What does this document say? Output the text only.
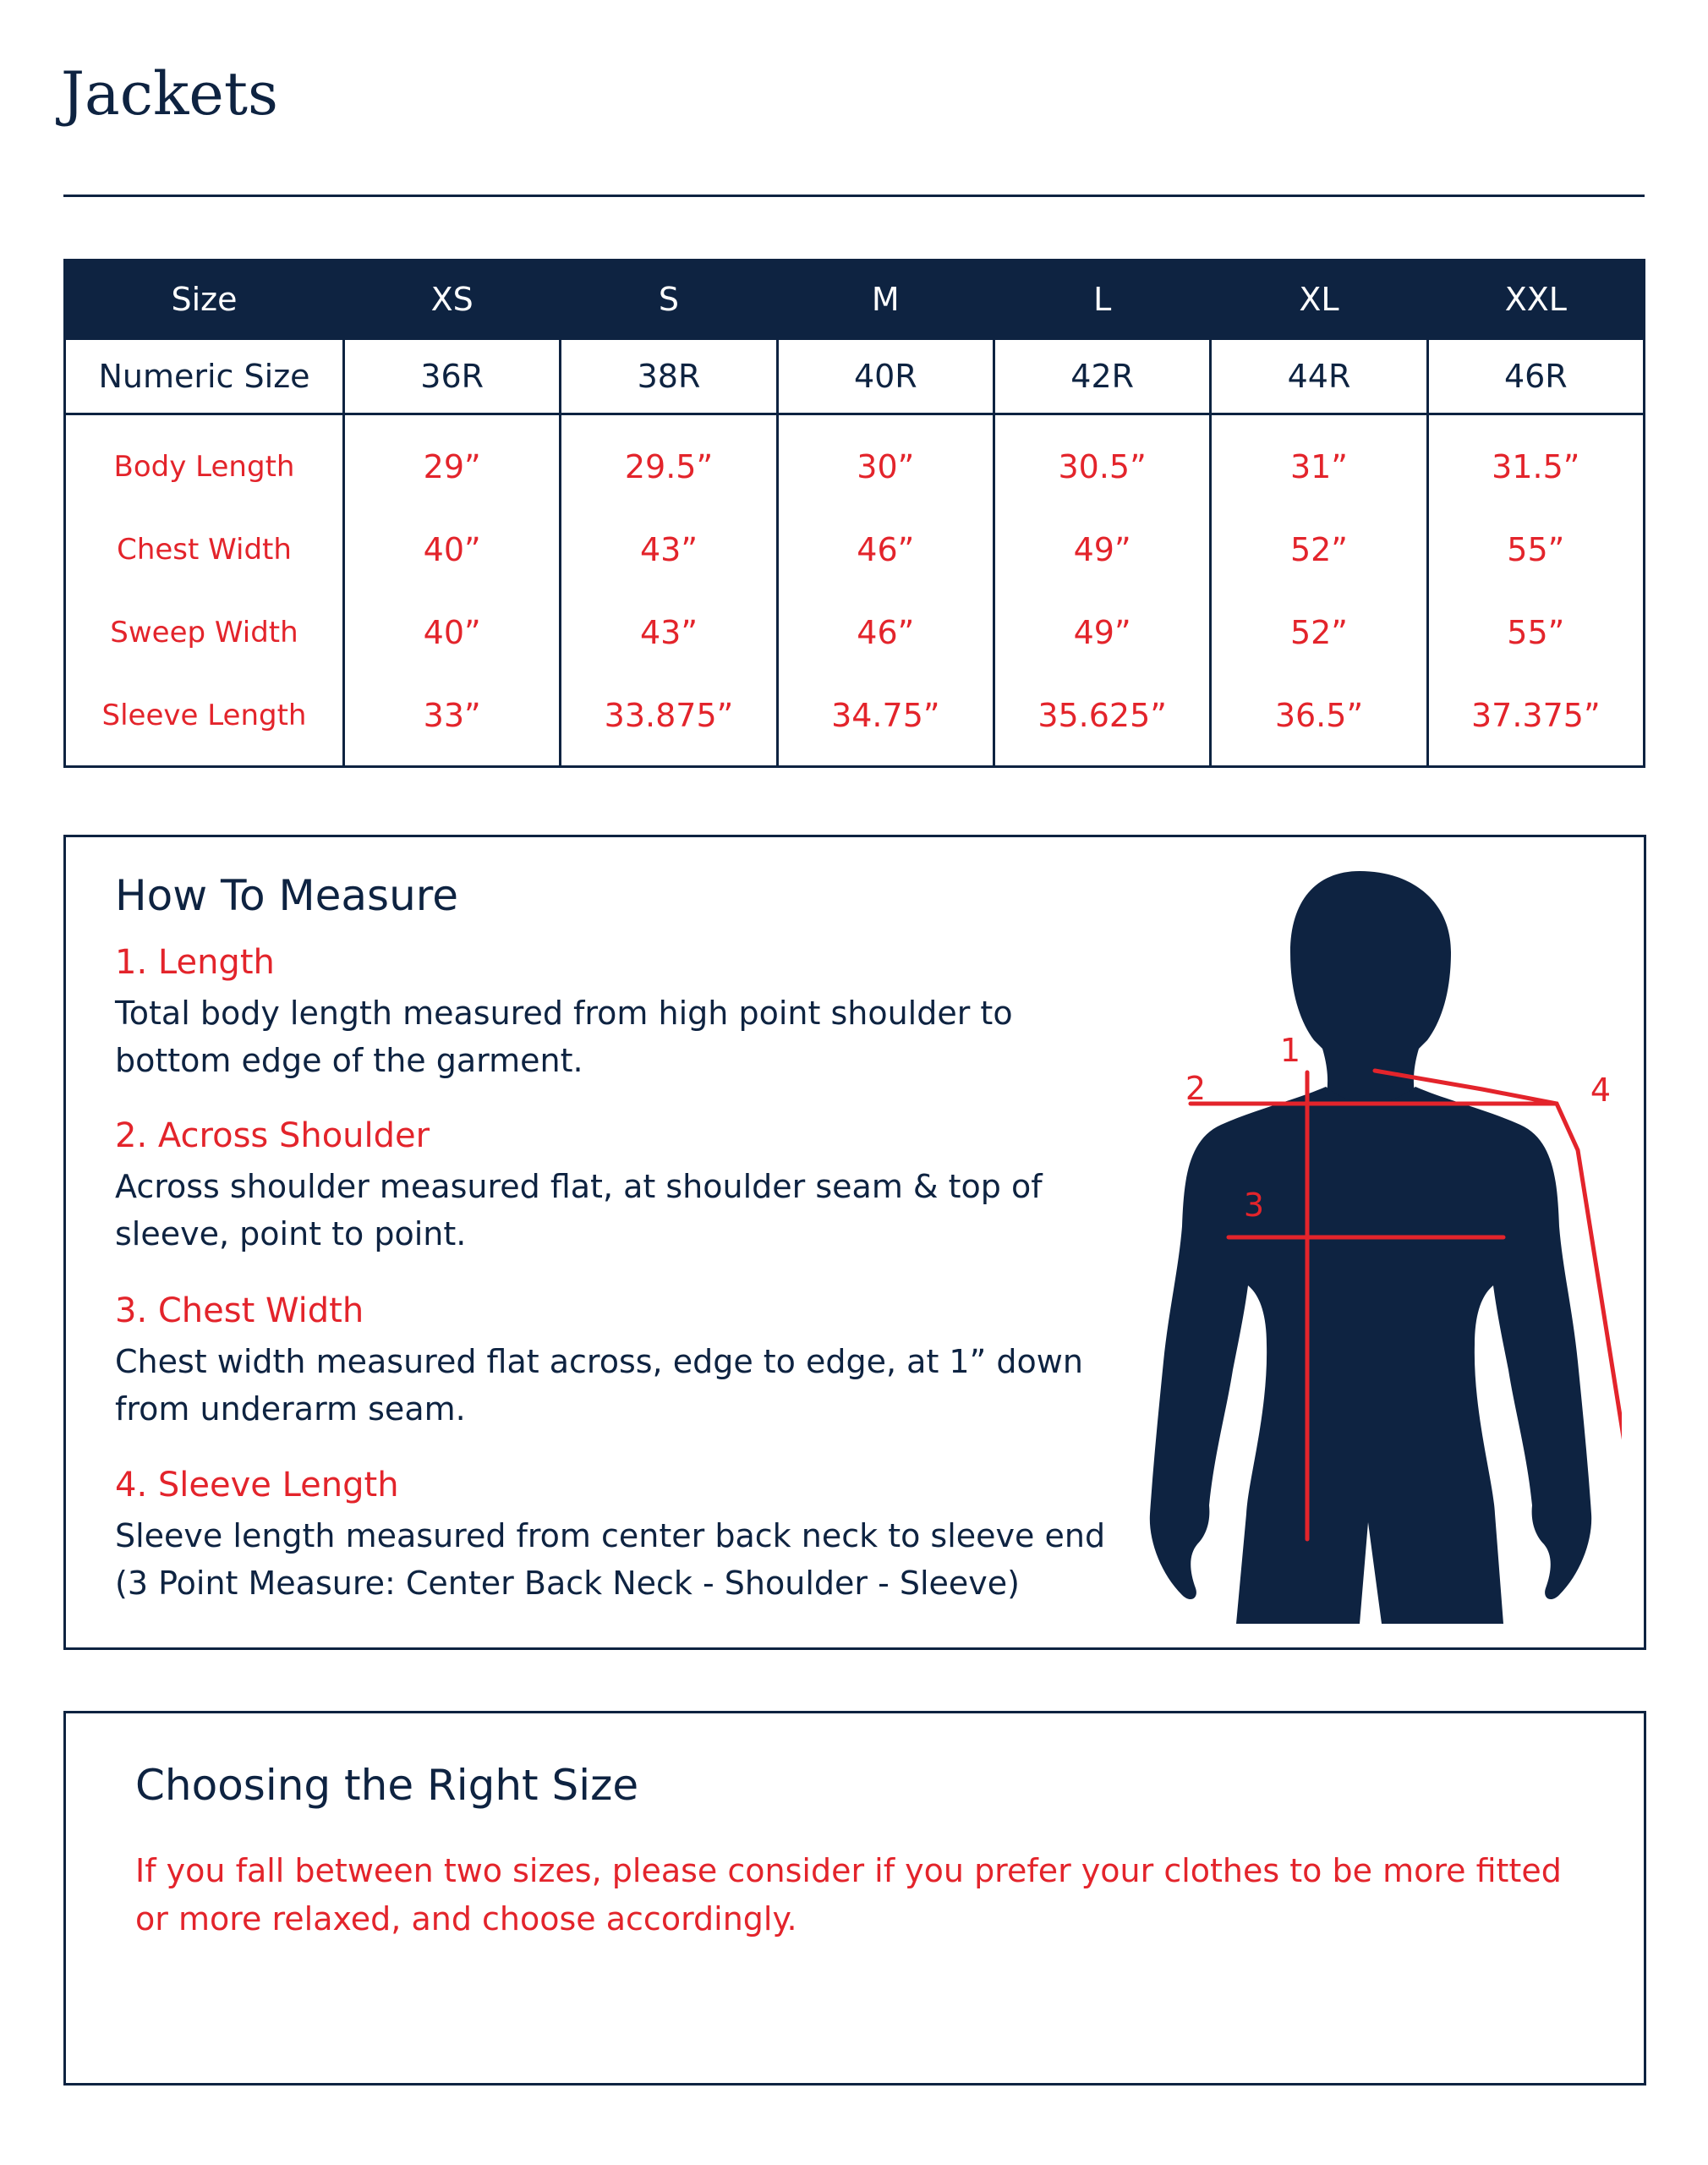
Jackets
Size	XS	S	M	L	XL	XXL
Numeric Size	36R	38R	40R	42R	44R	46R
Body Length	29”	29.5”	30”	30.5”	31”	31.5”
Chest Width	40”	43”	46”	49”	52”	55”
Sweep Width	40”	43”	46”	49”	52”	55”
Sleeve Length	33”	33.875”	34.75”	35.625”	36.5”	37.375”
How To Measure

1. Length

Total body length measured from high point shoulder to bottom edge of the garment.

2. Across Shoulder

Across shoulder measured flat, at shoulder seam & top of sleeve, point to point.

3. Chest Width

Chest width measured flat across, edge to edge, at 1” down from underarm seam.

4. Sleeve Length

Sleeve length measured from center back neck to sleeve end (3 Point Measure: Center Back Neck - Shoulder - Sleeve)

1
2
3
4
Choosing the Right Size

If you fall between two sizes, please consider if you prefer your clothes to be more fitted or more relaxed, and choose accordingly.
